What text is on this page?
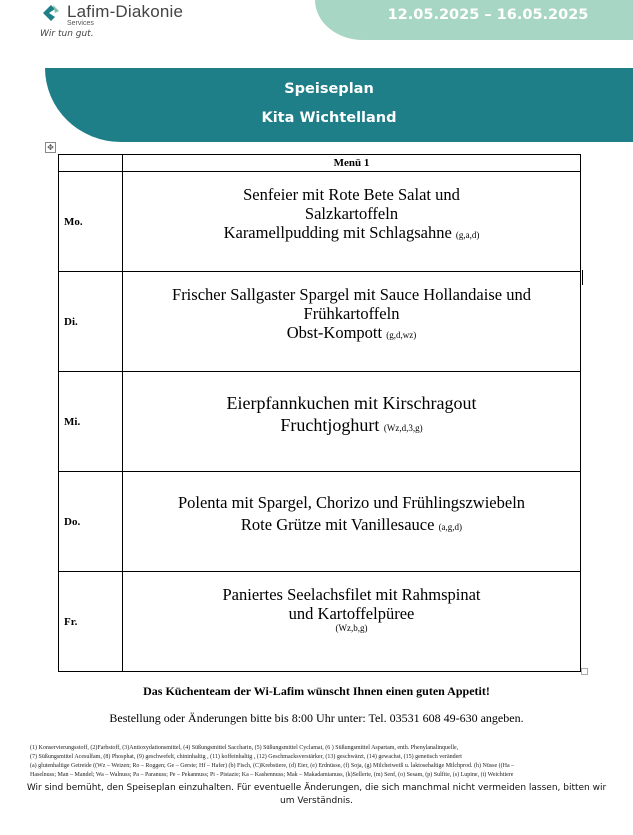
Lafim-Diakonie
Services
Wir tun gut.
12.05.2025 – 16.05.2025
Speiseplan
Kita Wichtelland
✥
	Menü 1
Mo.	Senfeier mit Rote Bete Salat und
Salzkartoffeln
Karamellpudding mit Schlagsahne (g,a,d)

Di.	Frischer Sallgaster Spargel mit Sauce Hollandaise und
Frühkartoffeln
Obst-Kompott (g,d,wz)

Mi.	Eierpfannkuchen mit Kirschragout
Fruchtjoghurt (Wz,d,3,g)

Do.	Polenta mit Spargel, Chorizo und Frühlingszwiebeln
Rote Grütze mit Vanillesauce (a,g,d)

Fr.	Paniertes Seelachsfilet mit Rahmspinat
und Kartoffelpüree
(Wz,b,g)
Das Küchenteam der Wi-Lafim wünscht Ihnen einen guten Appetit!
Bestellung oder Änderungen bitte bis 8:00 Uhr unter: Tel. 03531 608 49-630 angeben.

(1) Konservierungsstoff, (2)Farbstoff, (3)Antioxydationsmittel, (4) Süßungsmittel Saccharin, (5) Süßungsmittel Cyclamat, (6 ) Süßungsmittel Aspartam, enth. Phenylanalinquelle,

(7) Süßungsmittel Acesulfam, (8) Phosphat, (9) geschwefelt, chininhaltig , (11) koffeinhaltig , (12) Geschmacksverstärker, (13) geschwärzt, (14) gewachst, (15) genetisch verändert

(a) glutenhaltige Getreide ((Wz – Weizen; Ro – Roggen; Ge – Gerste; Hf – Hafer) (b) Fisch, (C)Krebstiere, (d) Eier, (e) Erdnüsse, (f) Soja, (g) Milcheiweiß u. laktosehaltige Milchprod. (h) Nüsse ((Ha –

Haselnuss; Man – Mandel; Wa – Walnuss; Pa – Paranuss; Pe – Pekannuss; Pi - Pistazie; Ka – Kashennuss; Mak – Makadamianuss, (k)Sellerie, (m) Senf, (o) Sesam, (p) Sulfite, (s) Lupine, (t) Weichtiere

Wir sind bemüht, den Speiseplan einzuhalten. Für eventuelle Änderungen, die sich manchmal nicht vermeiden lassen, bitten wir um Verständnis.
